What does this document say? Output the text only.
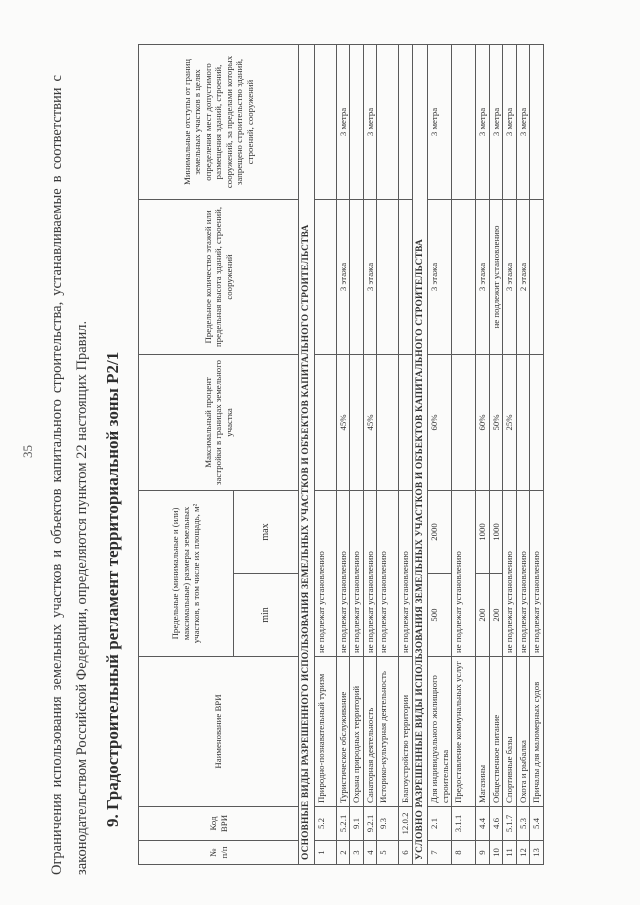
35 Ограничения использования земельных участков и объектов капитального строительства, устанавливаемые в соответствии с законодательством Российской Федерации, определяются пунктом 22 настоящих Правил. 9. Градостроительный регламент территориальной зоны Р2/1
№ п/п	Код ВРИ	Наименование ВРИ	Предельные (минимальные и (или) максимальные) размеры земельных участков, в том числе их площадь, м²		Максимальный процент застройки в границах земельного участка	Предельное количество этажей или предельная высота зданий, строений, сооружений	Минимальные отступы от границ земельных участков в целях определения мест допустимого размещения зданий, строений, сооружений, за пределами которых запрещено строительство зданий, строений, сооружений
			min	max			
ОСНОВНЫЕ ВИДЫ РАЗРЕШЕННОГО ИСПОЛЬЗОВАНИЯ ЗЕМЕЛЬНЫХ УЧАСТКОВ И ОБЪЕКТОВ КАПИТАЛЬНОГО СТРОИТЕЛЬСТВА							
1	5.2	Природно-познавательный туризм	не подлежат установлению				
2	5.2.1	Туристическое обслуживание	не подлежат установлению		45%	3 этажа	3 метра
3	9.1	Охрана природных территорий	не подлежат установлению				
4	9.2.1	Санаторная деятельность	не подлежат установлению		45%	3 этажа	3 метра
5	9.3	Историко-культурная деятельность	не подлежат установлению				
6	12.0.2	Благоустройство территории	не подлежат установлению				
УСЛОВНО РАЗРЕШЕННЫЕ ВИДЫ ИСПОЛЬЗОВАНИЯ ЗЕМЕЛЬНЫХ УЧАСТКОВ И ОБЪЕКТОВ КАПИТАЛЬНОГО СТРОИТЕЛЬСТВА							
7	2.1	Для индивидуального жилищного строительства	500	2000	60%	3 этажа	3 метра
8	3.1.1	Предоставление коммунальных услуг	не подлежат установлению				
9	4.4	Магазины	200	1000	60%	3 этажа	3 метра
10	4.6	Общественное питание	200	1000	50%	не подлежит установлению	3 метра
11	5.1.7	Спортивные базы	не подлежат установлению		25%	3 этажа	3 метра
12	5.3	Охота и рыбалка	не подлежат установлению			2 этажа	3 метра
13	5.4	Причалы для маломерных судов	не подлежат установлению				
